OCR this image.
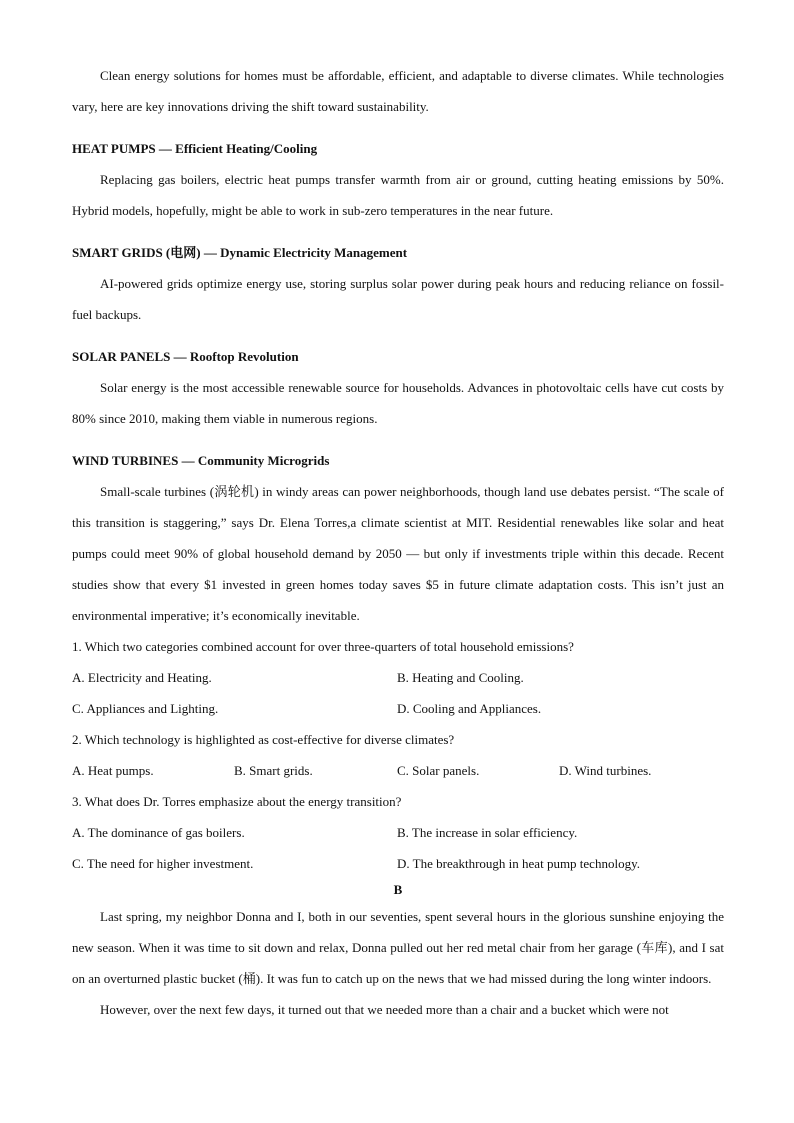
Clean energy solutions for homes must be affordable, efficient, and adaptable to diverse climates. While technologies vary, here are key innovations driving the shift toward sustainability.

HEAT PUMPS — Efficient Heating/Cooling

Replacing gas boilers, electric heat pumps transfer warmth from air or ground, cutting heating emissions by 50%. Hybrid models, hopefully, might be able to work in sub-zero temperatures in the near future.

SMART GRIDS (电网) — Dynamic Electricity Management

AI-powered grids optimize energy use, storing surplus solar power during peak hours and reducing reliance on fossil-fuel backups.

SOLAR PANELS — Rooftop Revolution

Solar energy is the most accessible renewable source for households. Advances in photovoltaic cells have cut costs by 80% since 2010, making them viable in numerous regions.

WIND TURBINES — Community Microgrids

Small-scale turbines (涡轮机) in windy areas can power neighborhoods, though land use debates persist. “The scale of this transition is staggering,” says Dr. Elena Torres,a climate scientist at MIT. Residential renewables like solar and heat pumps could meet 90% of global household demand by 2050 — but only if investments triple within this decade. Recent studies show that every $1 invested in green homes today saves $5 in future climate adaptation costs. This isn’t just an environmental imperative; it’s economically inevitable.

1. Which two categories combined account for over three-quarters of total household emissions?

A. Electricity and Heating.	B. Heating and Cooling.

C. Appliances and Lighting.	D. Cooling and Appliances.

2. Which technology is highlighted as cost-effective for diverse climates?

A. Heat pumps.	B. Smart grids.	C. Solar panels.	D. Wind turbines.

3. What does Dr. Torres emphasize about the energy transition?

A. The dominance of gas boilers.	B. The increase in solar efficiency.

C. The need for higher investment.	D. The breakthrough in heat pump technology.

B

Last spring, my neighbor Donna and I, both in our seventies, spent several hours in the glorious sunshine enjoying the new season. When it was time to sit down and relax, Donna pulled out her red metal chair from her garage (车库), and I sat on an overturned plastic bucket (桶). It was fun to catch up on the news that we had missed during the long winter indoors.

However, over the next few days, it turned out that we needed more than a chair and a bucket which were not
